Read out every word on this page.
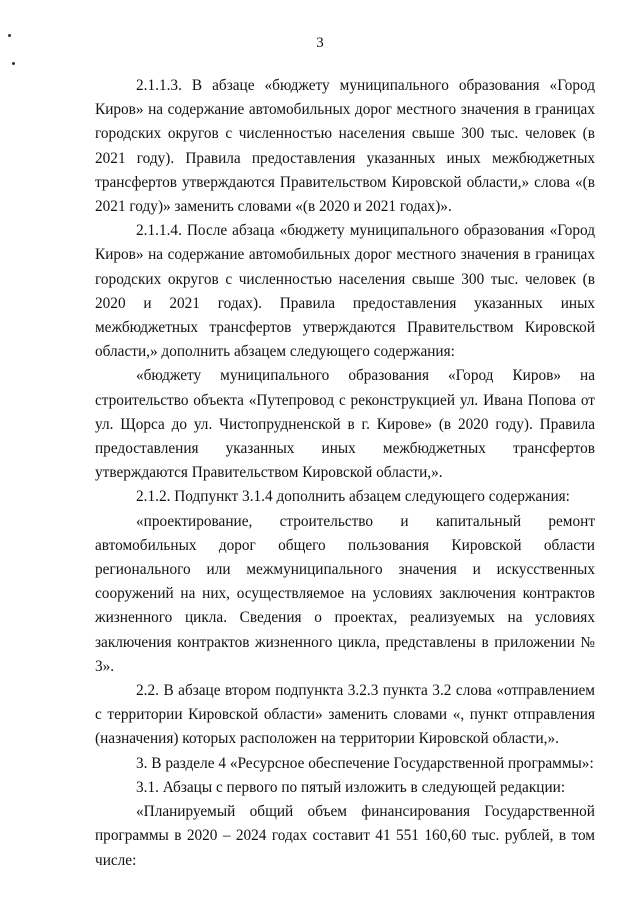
3

2.1.1.3. В абзаце «бюджету муниципального образования «Город Киров» на содержание автомобильных дорог местного значения в границах городских округов с численностью населения свыше 300 тыс. человек (в 2021 году). Правила предоставления указанных иных межбюджетных трансфертов утверждаются Правительством Кировской области,» слова «(в 2021 году)» заменить словами «(в 2020 и 2021 годах)».

2.1.1.4. После абзаца «бюджету муниципального образования «Город Киров» на содержание автомобильных дорог местного значения в границах городских округов с численностью населения свыше 300 тыс. человек (в 2020 и 2021 годах). Правила предоставления указанных иных межбюджетных трансфертов утверждаются Правительством Кировской области,» дополнить абзацем следующего содержания:

«бюджету муниципального образования «Город Киров» на строительство объекта «Путепровод с реконструкцией ул. Ивана Попова от ул. Щорса до ул. Чистопрудненской в г. Кирове» (в 2020 году). Правила предоставления указанных иных межбюджетных трансфертов утверждаются Правительством Кировской области,».

2.1.2. Подпункт 3.1.4 дополнить абзацем следующего содержания:

«проектирование, строительство и капитальный ремонт автомобильных дорог общего пользования Кировской области регионального или межмуниципального значения и искусственных сооружений на них, осуществляемое на условиях заключения контрактов жизненного цикла. Сведения о проектах, реализуемых на условиях заключения контрактов жизненного цикла, представлены в приложении № 3».

2.2. В абзаце втором подпункта 3.2.3 пункта 3.2 слова «отправлением с территории Кировской области» заменить словами «, пункт отправления (назначения) которых расположен на территории Кировской области,».

3. В разделе 4 «Ресурсное обеспечение Государственной программы»:

3.1. Абзацы с первого по пятый изложить в следующей редакции:

«Планируемый общий объем финансирования Государственной программы в 2020 – 2024 годах составит 41 551 160,60 тыс. рублей, в том числе:
